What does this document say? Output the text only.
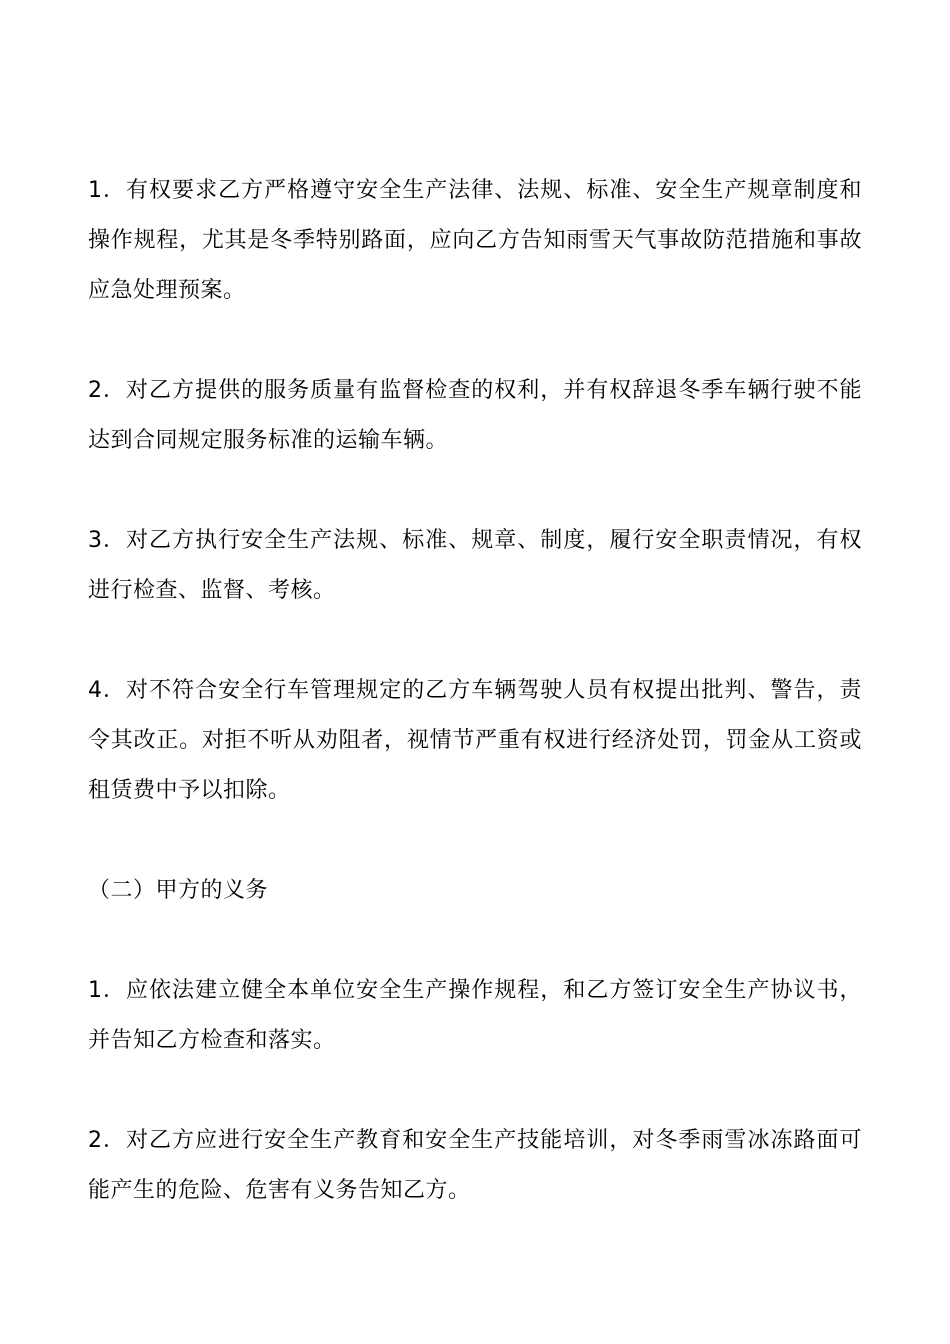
1．有权要求乙方严格遵守安全生产法律、法规、标准、安全生产规章制度和操作规程，尤其是冬季特别路面，应向乙方告知雨雪天气事故防范措施和事故应急处理预案。

2．对乙方提供的服务质量有监督检查的权利，并有权辞退冬季车辆行驶不能达到合同规定服务标准的运输车辆。

3．对乙方执行安全生产法规、标准、规章、制度，履行安全职责情况，有权进行检查、监督、考核。

4．对不符合安全行车管理规定的乙方车辆驾驶人员有权提出批判、警告，责令其改正。对拒不听从劝阻者，视情节严重有权进行经济处罚，罚金从工资或租赁费中予以扣除。

（二）甲方的义务

1．应依法建立健全本单位安全生产操作规程，和乙方签订安全生产协议书，并告知乙方检查和落实。

2．对乙方应进行安全生产教育和安全生产技能培训，对冬季雨雪冰冻路面可能产生的危险、危害有义务告知乙方。
